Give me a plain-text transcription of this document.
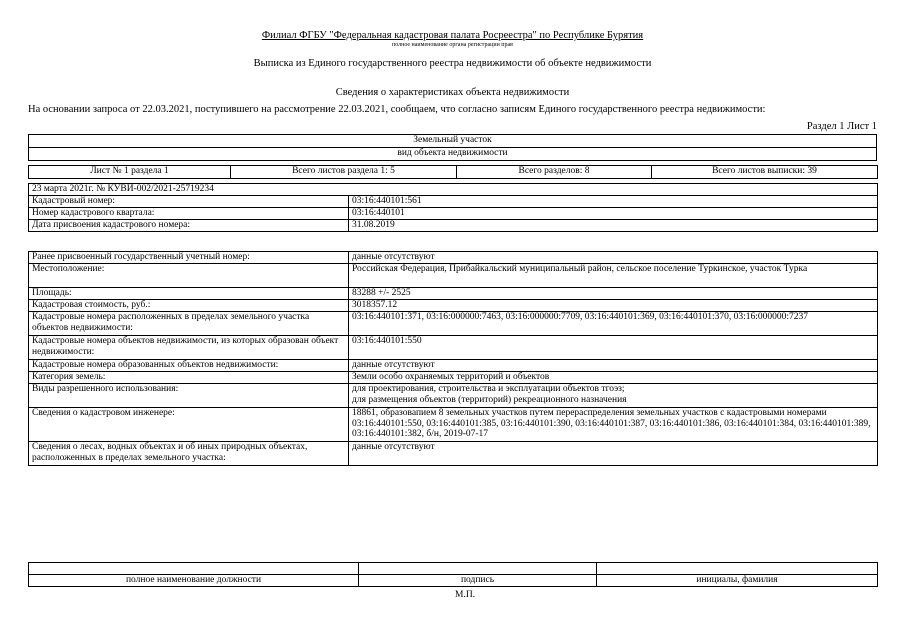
Филиал ФГБУ "Федеральная кадастровая палата Росреестра" по Республике Бурятия
полное наименование органа регистрации прав
Выписка из Единого государственного реестра недвижимости об объекте недвижимости
Сведения о характеристиках объекта недвижимости
На основании запроса от 22.03.2021, поступившего на рассмотрение 22.03.2021, сообщаем, что согласно записям Единого государственного реестра недвижимости:
Раздел 1 Лист 1
Земельный участок
вид объекта недвижимости
Лист № 1 раздела 1	Всего листов раздела 1: 5	Всего разделов: 8	Всего листов выписки: 39
23 марта 2021г. № КУВИ-002/2021-25719234	
Кадастровый номер:	03:16:440101:561
Номер кадастрового квартала:	03:16:440101
Дата присвоения кадастрового номера:	31.08.2019
Ранее присвоенный государственный учетный номер:	данные отсутствуют
Местоположение:	Российская Федерация, Прибайкальский муниципальный район, сельское поселение Туркинское, участок Турка
Площадь:	83288 +/- 2525
Кадастровая стоимость, руб.:	3018357.12
Кадастровые номера расположенных в пределах земельного участка объектов недвижимости:	03:16:440101:371, 03:16:000000:7463, 03:16:000000:7709, 03:16:440101:369, 03:16:440101:370, 03:16:000000:7237
Кадастровые номера объектов недвижимости, из которых образован объект недвижимости:	03:16:440101:550
Кадастровые номера образованных объектов недвижимости:	данные отсутствуют
Категория земель:	Земли особо охраняемых территорий и объектов
Виды разрешенного использования:	для проектирования, строительства и эксплуатации объектов тгоэз;
для размещения объектов (территорий) рекреационного назначения

Сведения о кадастровом инженере:	18861, образовапием 8 земельных участков путем перераспределения земельных участков с кадастровыми номерами 03:16:440101:550, 03:16:440101:385, 03:16:440101:390, 03:16:440101:387, 03:16:440101:386, 03:16:440101:384, 03:16:440101:389, 03:16:440101:382, б/н, 2019-07-17
Сведения о лесах, водных объектах и об иных природных объектах, расположенных в пределах земельного участка:	данные отсутствуют

полное наименование должности	подпись	инициалы, фамилия
М.П.
